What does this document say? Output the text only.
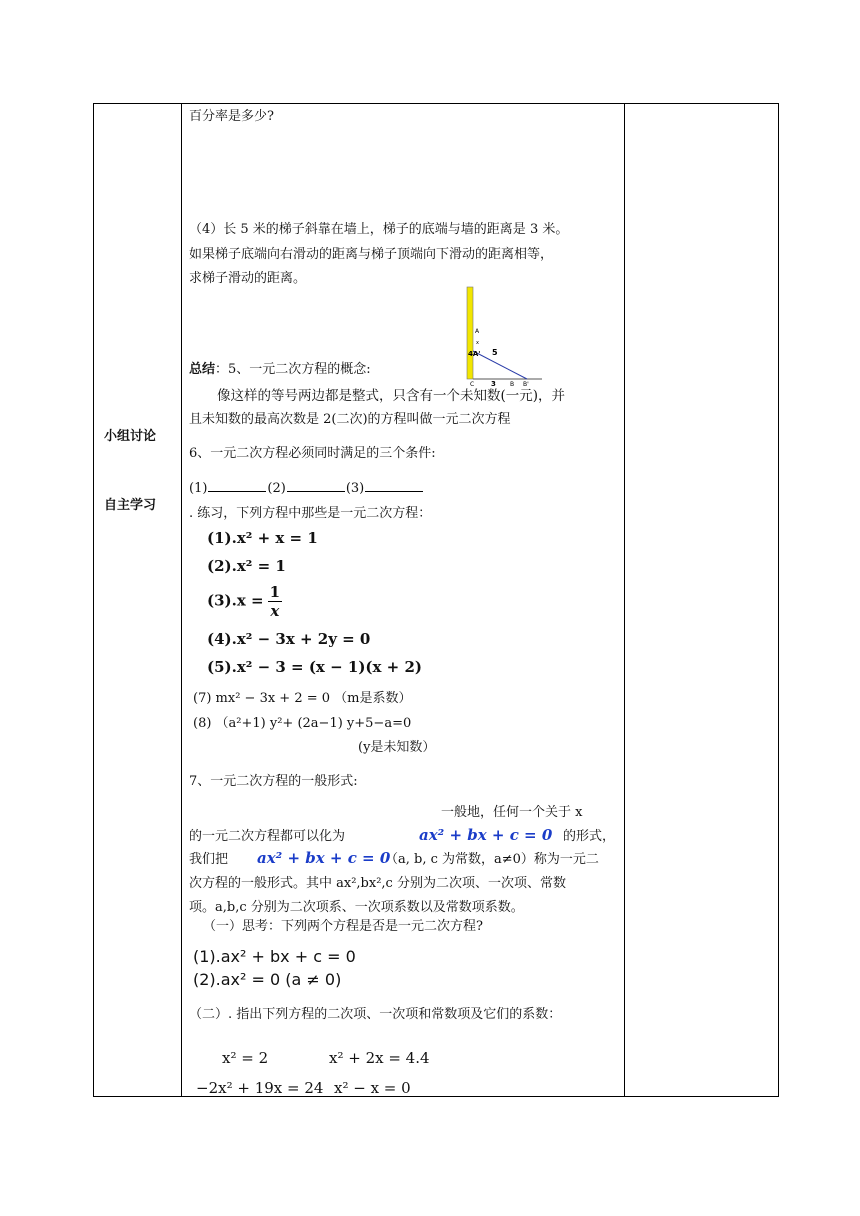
小组讨论
自主学习
百分率是多少?
（4）长 5 米的梯子斜靠在墙上，梯子的底端与墙的距离是 3 米。
如果梯子底端向右滑动的距离与梯子顶端向下滑动的距离相等，
求梯子滑动的距离。
A
x
4A' 5
C 3 B B'
总结：5、一元二次方程的概念:
像这样的等号两边都是整式，只含有一个未知数(一元)，并
且未知数的最高次数是 2(二次)的方程叫做一元二次方程
6、一元二次方程必须同时满足的三个条件:
(1)	(2)	(3)
. 练习，下列方程中那些是一元二次方程：
(1).x² + x = 1
(2).x² = 1
$(3).x = \frac{1}{x}$
(4).x² − 3x + 2y = 0
(5).x² − 3 = (x − 1)(x + 2)
(7) mx² − 3x + 2 = 0 （m是系数）
(8) （a²+1) y²+ (2a−1) y+5−a=0
(y是未知数）
7、一元二次方程的一般形式:
一般地，任何一个关于 x
的一元二次方程都可以化为	ax² + bx + c = 0 的形式，
我们把 ax² + bx + c = 0
（a, b, c 为常数，a≠0）称为一元二
次方程的一般形式。其中 ax²,bx²,c 分别为二次项、一次项、常数
项。a,b,c 分别为二次项系、一次项系数以及常数项系数。
（一）思考：下列两个方程是否是一元二次方程?
(1).ax² + bx + c = 0
(2).ax² = 0 (a ≠ 0)
（二）. 指出下列方程的二次项、一次项和常数项及它们的系数：
x² = 2	x² + 2x = 4.4
−2x² + 19x = 24 x² − x = 0
